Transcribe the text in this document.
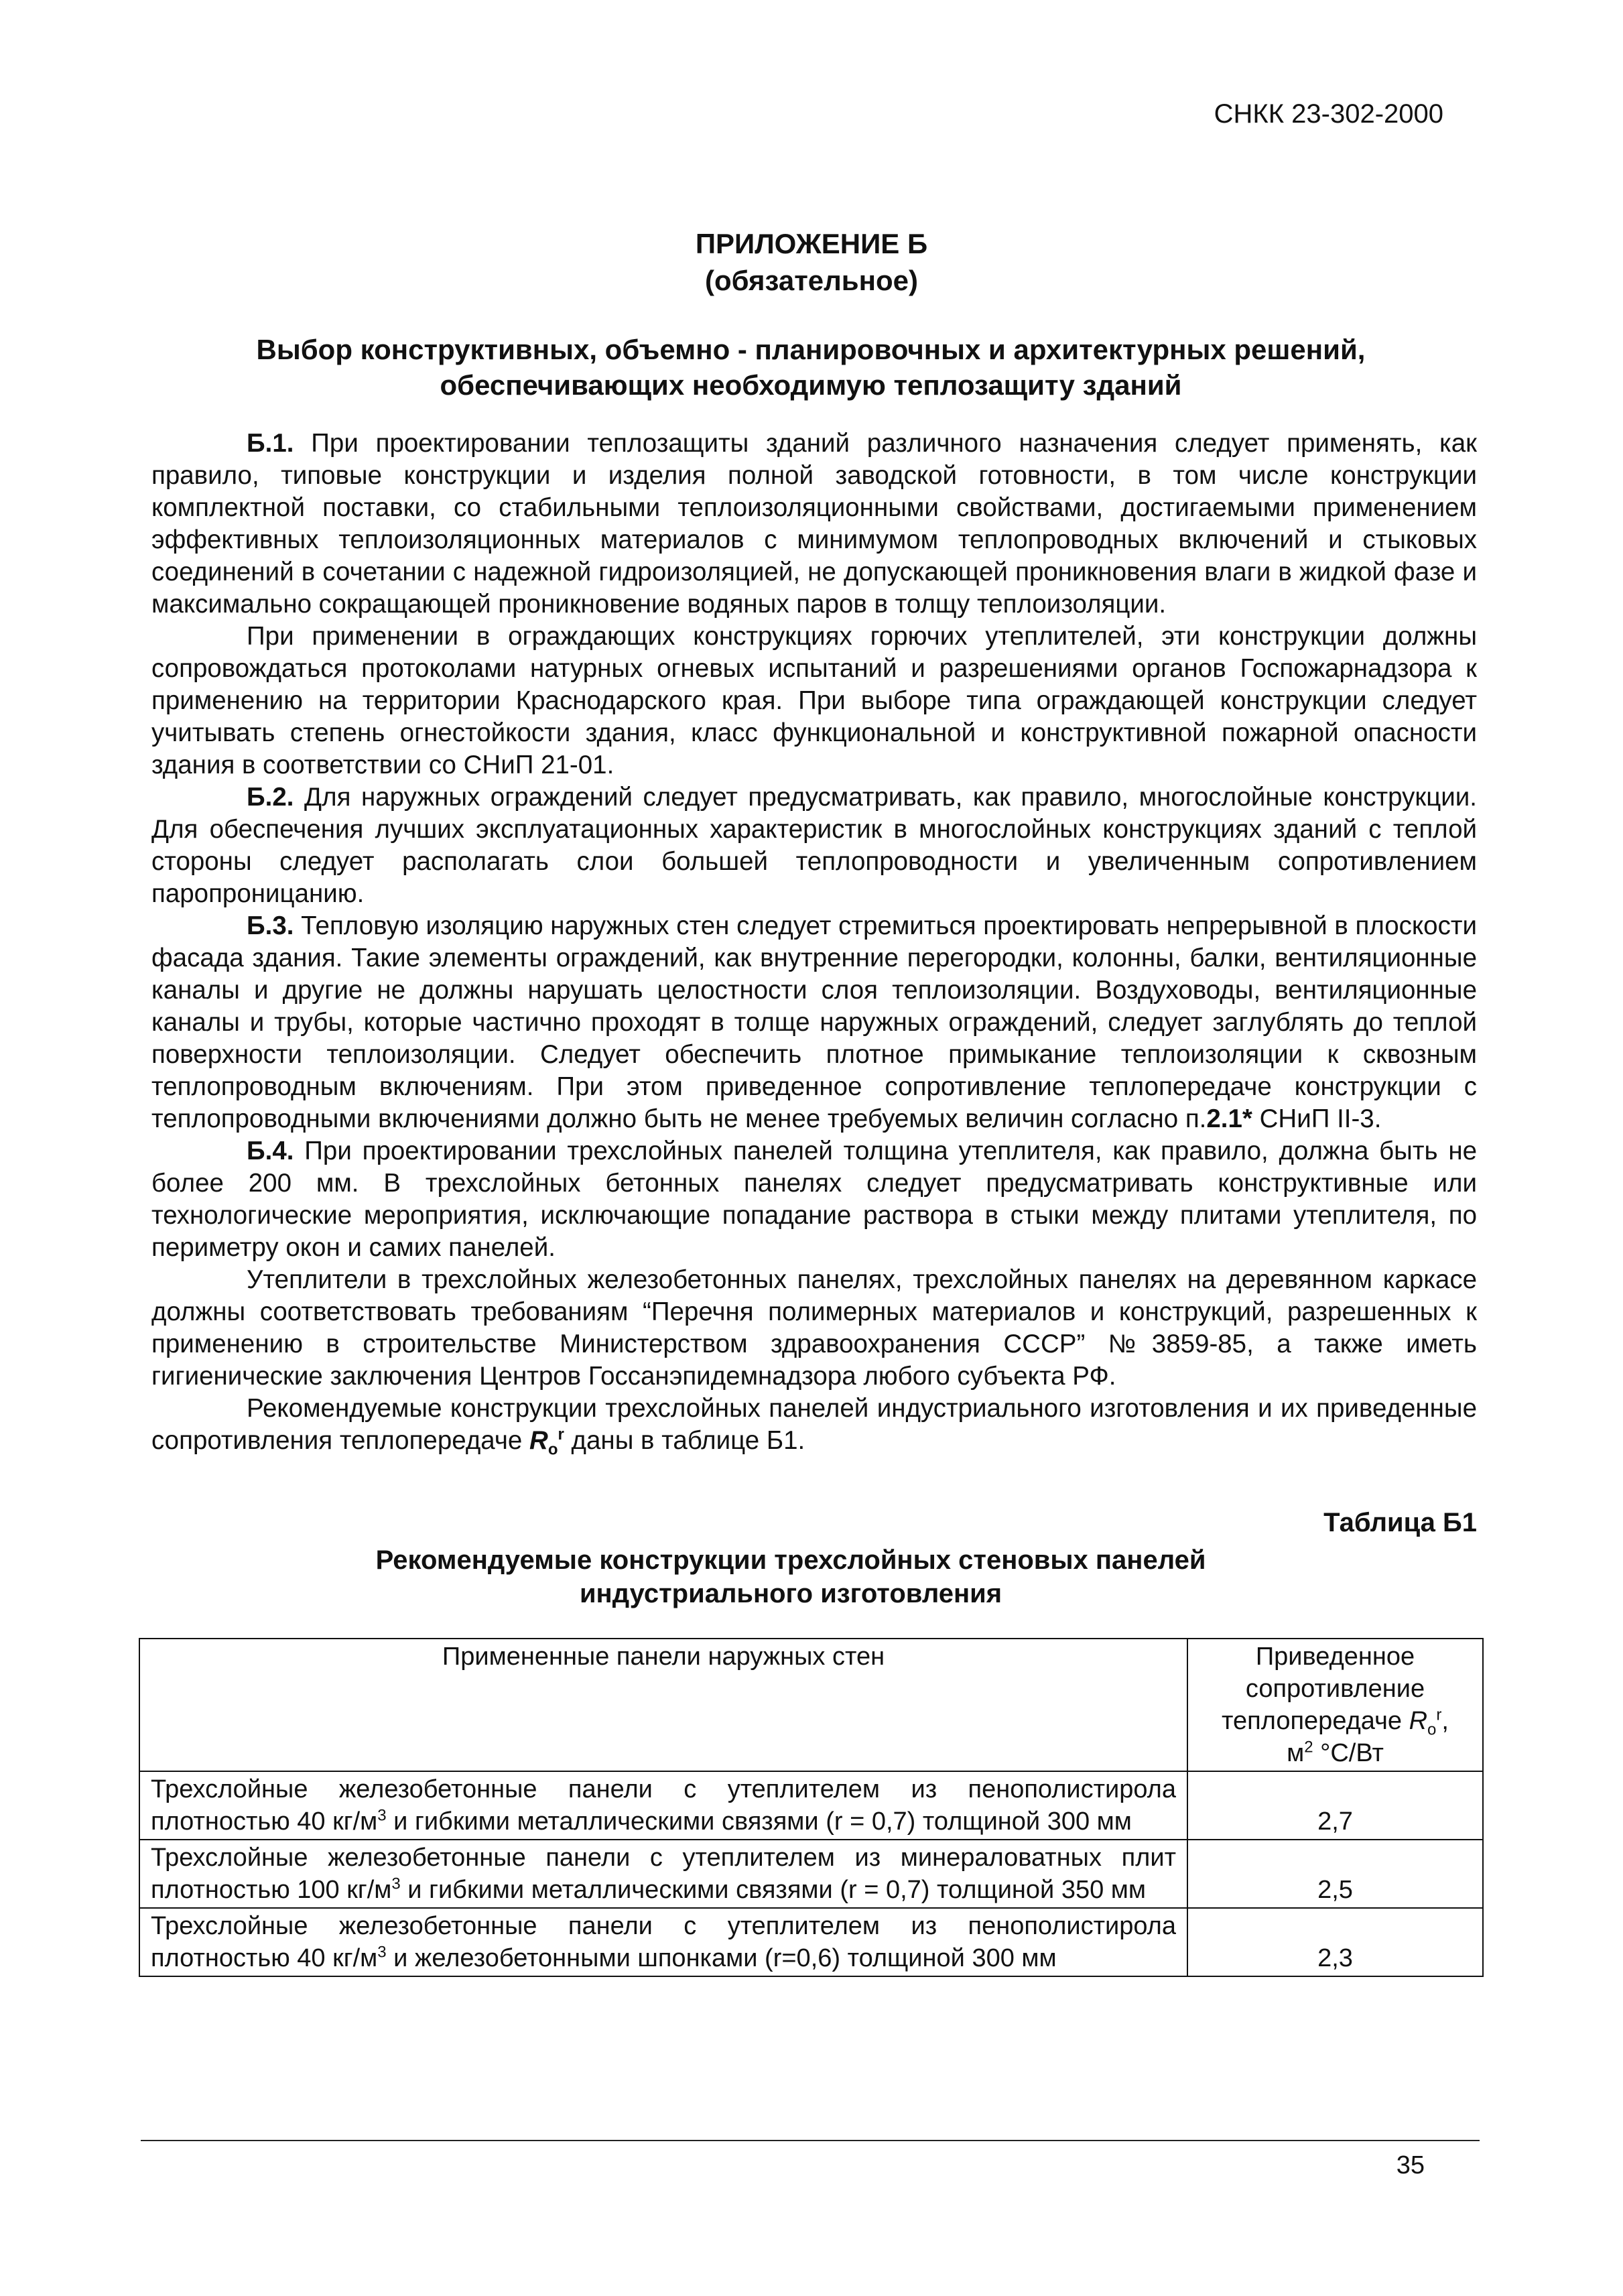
СНКК 23-302-2000
ПРИЛОЖЕНИЕ Б
(обязательное)
Выбор конструктивных, объемно - планировочных и архитектурных решений,
обеспечивающих необходимую теплозащиту зданий

Б.1. При проектировании теплозащиты зданий различного назначения следует применять, как правило, типовые конструкции и изделия полной заводской готовности, в том числе конструкции комплектной поставки, со стабильными теплоизоляционными свойствами, достигаемыми применением эффективных теплоизоляционных материалов с минимумом теплопроводных включений и стыковых соединений в сочетании с надежной гидроизоляцией, не допускающей проникновения влаги в жидкой фазе и максимально сокращающей проникновение водяных паров в толщу теплоизоляции.

При применении в ограждающих конструкциях горючих утеплителей, эти конструкции должны сопровождаться протоколами натурных огневых испытаний и разрешениями органов Госпожарнадзора к применению на территории Краснодарского края. При выборе типа ограждающей конструкции следует учитывать степень огнестойкости здания, класс функциональной и конструктивной пожарной опасности здания в соответствии со СНиП 21-01.

Б.2. Для наружных ограждений следует предусматривать, как правило, многослойные конструкции. Для обеспечения лучших эксплуатационных характеристик в многослойных конструкциях зданий с теплой стороны следует располагать слои большей теплопроводности и увеличенным сопротивлением паропроницанию.

Б.3. Тепловую изоляцию наружных стен следует стремиться проектировать непрерывной в плоскости фасада здания. Такие элементы ограждений, как внутренние перегородки, колонны, балки, вентиляционные каналы и другие не должны нарушать целостности слоя теплоизоляции. Воздуховоды, вентиляционные каналы и трубы, которые частично проходят в толще наружных ограждений, следует заглублять до теплой поверхности теплоизоляции. Следует обеспечить плотное примыкание теплоизоляции к сквозным теплопроводным включениям. При этом приведенное сопротивление теплопередаче конструкции с теплопроводными включениями должно быть не менее требуемых величин согласно п.2.1* СНиП II-3.

Б.4. При проектировании трехслойных панелей толщина утеплителя, как правило, должна быть не более 200 мм. В трехслойных бетонных панелях следует предусматривать конструктивные или технологические мероприятия, исключающие попадание раствора в стыки между плитами утеплителя, по периметру окон и самих панелей.

Утеплители в трехслойных железобетонных панелях, трехслойных панелях на деревянном каркасе должны соответствовать требованиям “Перечня полимерных материалов и конструкций, разрешенных к применению в строительстве Министерством здравоохранения СССР” №3859-85, а также иметь гигиенические заключения Центров Госсанэпидемнадзора любого субъекта РФ.

Рекомендуемые конструкции трехслойных панелей индустриального изготовления и их приведенные сопротивления теплопередаче $R_o^r$ даны в таблице Б1.

Таблица Б1
Рекомендуемые конструкции трехслойных стеновых панелей
индустриального изготовления
Примененные панели наружных стен	Приведенное
сопротивление
теплопередаче $R_o^r$,
$м^2$ °С/Вт

Трехслойные железобетонные панели с утеплителем из пенополистирола плотностью 40 $кг/м^3$ и гибкими металлическими связями (r = 0,7) толщиной 300 мм	2,7
Трехслойные железобетонные панели с утеплителем из минераловатных плит плотностью 100 $кг/м^3$ и гибкими металлическими связями (r = 0,7) толщиной 350 мм	2,5
Трехслойные железобетонные панели с утеплителем из пенополистирола плотностью 40 $кг/м^3$ и железобетонными шпонками (r=0,6) толщиной 300 мм	2,3
35
